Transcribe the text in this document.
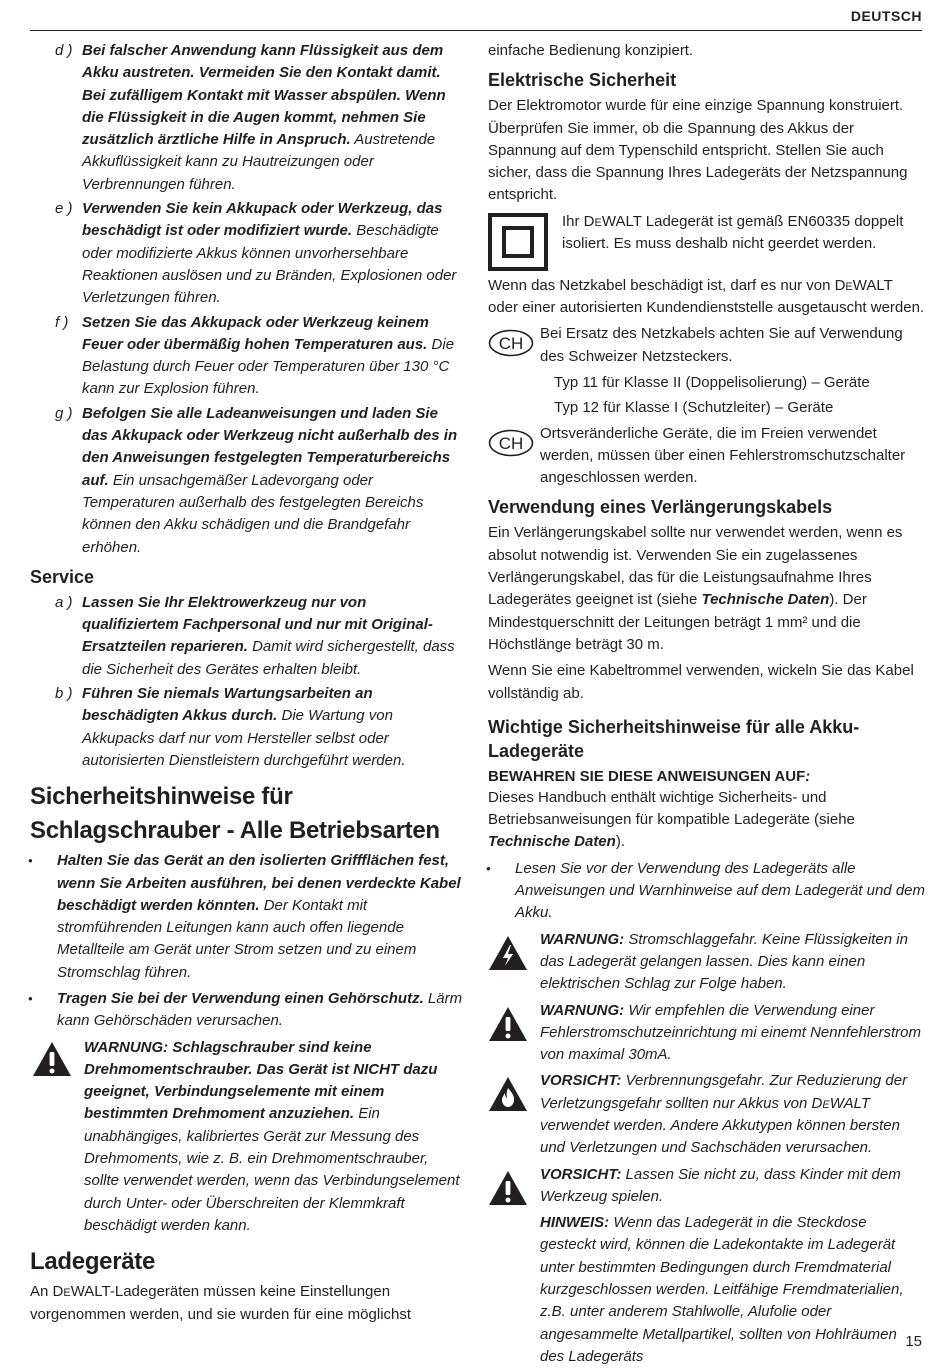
DEUTSCH
d ) Bei falscher Anwendung kann Flüssigkeit aus dem Akku austreten. Vermeiden Sie den Kontakt damit. Bei zufälligem Kontakt mit Wasser abspülen. Wenn die Flüssigkeit in die Augen kommt, nehmen Sie zusätzlich ärztliche Hilfe in Anspruch. Austretende Akkuflüssigkeit kann zu Hautreizungen oder Verbrennungen führen.
e ) Verwenden Sie kein Akkupack oder Werkzeug, das beschädigt ist oder modifiziert wurde. Beschädigte oder modifizierte Akkus können unvorhersehbare Reaktionen auslösen und zu Bränden, Explosionen oder Verletzungen führen.
f ) Setzen Sie das Akkupack oder Werkzeug keinem Feuer oder übermäßig hohen Temperaturen aus. Die Belastung durch Feuer oder Temperaturen über 130 °C kann zur Explosion führen.
g ) Befolgen Sie alle Ladeanweisungen und laden Sie das Akkupack oder Werkzeug nicht außerhalb des in den Anweisungen festgelegten Temperaturbereichs auf. Ein unsachgemäßer Ladevorgang oder Temperaturen außerhalb des festgelegten Bereichs können den Akku schädigen und die Brandgefahr erhöhen.
Service
a ) Lassen Sie Ihr Elektrowerkzeug nur von qualifiziertem Fachpersonal und nur mit Original-Ersatzteilen reparieren. Damit wird sichergestellt, dass die Sicherheit des Gerätes erhalten bleibt.
b ) Führen Sie niemals Wartungsarbeiten an beschädigten Akkus durch. Die Wartung von Akkupacks darf nur vom Hersteller selbst oder autorisierten Dienstleistern durchgeführt werden.
Sicherheitshinweise für Schlagschrauber - Alle Betriebsarten
• Halten Sie das Gerät an den isolierten Griffflächen fest, wenn Sie Arbeiten ausführen, bei denen verdeckte Kabel beschädigt werden könnten. Der Kontakt mit stromführenden Leitungen kann auch offen liegende Metallteile am Gerät unter Strom setzen und zu einem Stromschlag führen.
• Tragen Sie bei der Verwendung einen Gehörschutz. Lärm kann Gehörschäden verursachen.
WARNUNG: Schlagschrauber sind keine Drehmomentschrauber. Das Gerät ist NICHT dazu geeignet, Verbindungselemente mit einem bestimmten Drehmoment anzuziehen. Ein unabhängiges, kalibriertes Gerät zur Messung des Drehmoments, wie z. B. ein Drehmomentschrauber, sollte verwendet werden, wenn das Verbindungselement durch Unter- oder Überschreiten der Klemmkraft beschädigt werden kann.
Ladegeräte

An DeWALT-Ladegeräten müssen keine Einstellungen vorgenommen werden, und sie wurden für eine möglichst

einfache Bedienung konzipiert.

Elektrische Sicherheit

Der Elektromotor wurde für eine einzige Spannung konstruiert. Überprüfen Sie immer, ob die Spannung des Akkus der Spannung auf dem Typenschild entspricht. Stellen Sie auch sicher, dass die Spannung Ihres Ladegeräts der Netzspannung entspricht.

Ihr DeWALT Ladegerät ist gemäß EN60335 doppelt isoliert. Es muss deshalb nicht geerdet werden.

Wenn das Netzkabel beschädigt ist, darf es nur von DeWALT oder einer autorisierten Kundendienststelle ausgetauscht werden.

CH
Bei Ersatz des Netzkabels achten Sie auf Verwendung des Schweizer Netzsteckers.

Typ 11 für Klasse II (Doppelisolierung) – Geräte

Typ 12 für Klasse I (Schutzleiter) – Geräte

CH
Ortsveränderliche Geräte, die im Freien verwendet werden, müssen über einen Fehlerstromschutzschalter angeschlossen werden.
Verwendung eines Verlängerungskabels

Ein Verlängerungskabel sollte nur verwendet werden, wenn es absolut notwendig ist. Verwenden Sie ein zugelassenes Verlängerungskabel, das für die Leistungsaufnahme Ihres Ladegerätes geeignet ist (siehe Technische Daten). Der Mindestquerschnitt der Leitungen beträgt 1 mm² und die Höchstlänge beträgt 30 m.

Wenn Sie eine Kabeltrommel verwenden, wickeln Sie das Kabel vollständig ab.

Wichtige Sicherheitshinweise für alle Akku-Ladegeräte
BEWAHREN SIE DIESE ANWEISUNGEN AUF:

Dieses Handbuch enthält wichtige Sicherheits- und Betriebsanweisungen für kompatible Ladegeräte (siehe Technische Daten).

• Lesen Sie vor der Verwendung des Ladegeräts alle Anweisungen und Warnhinweise auf dem Ladegerät und dem Akku.
WARNUNG: Stromschlaggefahr. Keine Flüssigkeiten in das Ladegerät gelangen lassen. Dies kann einen elektrischen Schlag zur Folge haben.
WARNUNG: Wir empfehlen die Verwendung einer Fehlerstromschutzeinrichtung mi einemt Nennfehlerstrom von maximal 30mA.
VORSICHT: Verbrennungsgefahr. Zur Reduzierung der Verletzungsgefahr sollten nur Akkus von DeWALT verwendet werden. Andere Akkutypen können bersten und Verletzungen und Sachschäden verursachen.
VORSICHT: Lassen Sie nicht zu, dass Kinder mit dem Werkzeug spielen.
HINWEIS: Wenn das Ladegerät in die Steckdose gesteckt wird, können die Ladekontakte im Ladegerät unter bestimmten Bedingungen durch Fremdmaterial kurzgeschlossen werden. Leitfähige Fremdmaterialien, z.B. unter anderem Stahlwolle, Alufolie oder angesammelte Metallpartikel, sollten von Hohlräumen des Ladegeräts
15
